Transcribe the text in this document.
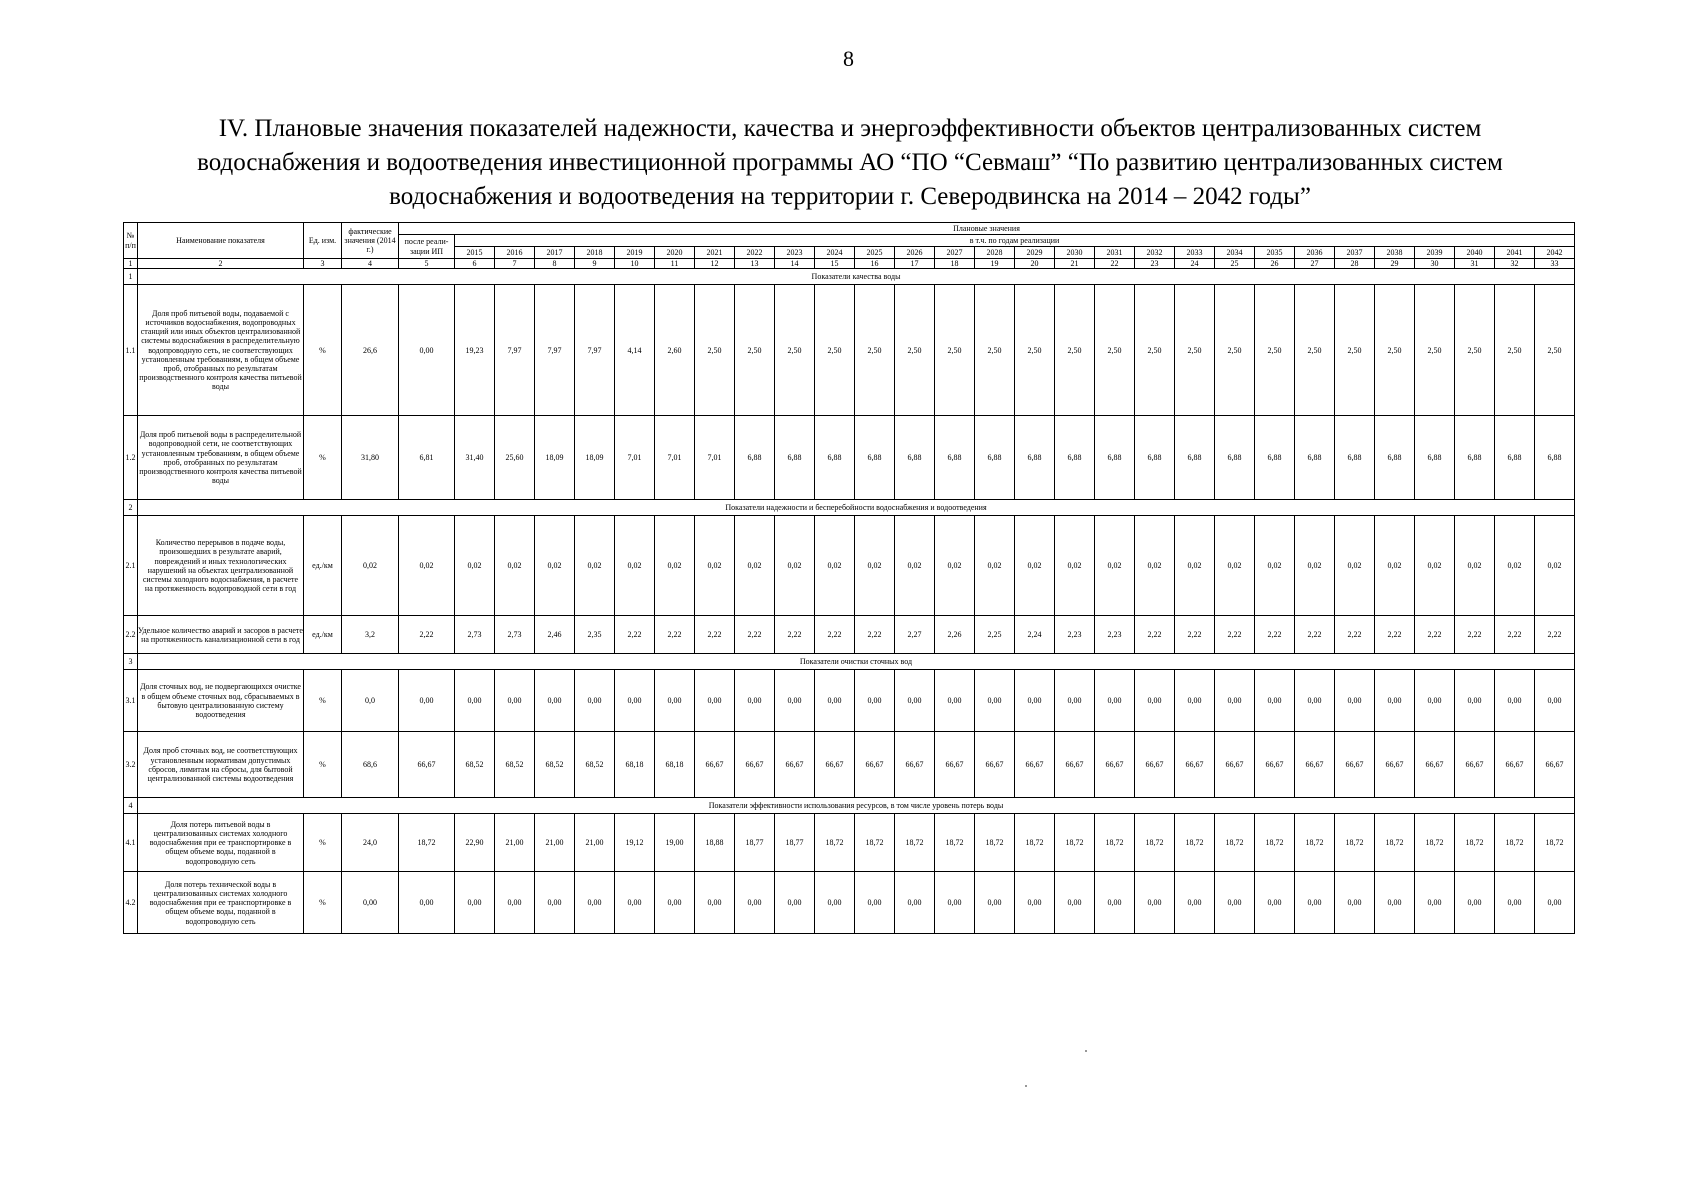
8
IV. Плановые значения показателей надежности, качества и энергоэффективности объектов централизованных систем
водоснабжения и водоотведения инвестиционной программы АО “ПО “Севмаш” “По развитию централизованных систем
водоснабжения и водоотведения на территории г. Северодвинска на 2014 – 2042 годы”
№ п/п	Наименование показателя	Ед. изм.	фактические значения (2014 г.)	Плановые значения																												
				после реали-зации ИП	в т.ч. по годам реализации																											
					2015	2016	2017	2018	2019	2020	2021	2022	2023	2024	2025	2026	2027	2028	2029	2030	2031	2032	2033	2034	2035	2036	2037	2038	2039	2040	2041	2042
1	2	3	4	5	6	7	8	9	10	11	12	13	14	15	16	17	18	19	20	21	22	23	24	25	26	27	28	29	30	31	32	33
1	Показатели качества воды																															
1.1	Доля проб питьевой воды, подаваемой с источников водоснабжения, водопроводных станций или иных объектов централизованной системы водоснабжения в распределительную водопроводную сеть, не соответствующих установленным требованиям, в общем объеме проб, отобранных по результатам производственного контроля качества питьевой воды	%	26,6	0,00	19,23	7,97	7,97	7,97	4,14	2,60	2,50	2,50	2,50	2,50	2,50	2,50	2,50	2,50	2,50	2,50	2,50	2,50	2,50	2,50	2,50	2,50	2,50	2,50	2,50	2,50	2,50	2,50
1.2	Доля проб питьевой воды в распределительной водопроводной сети, не соответствующих установленным требованиям, в общем объеме проб, отобранных по результатам производственного контроля качества питьевой воды	%	31,80	6,81	31,40	25,60	18,09	18,09	7,01	7,01	7,01	6,88	6,88	6,88	6,88	6,88	6,88	6,88	6,88	6,88	6,88	6,88	6,88	6,88	6,88	6,88	6,88	6,88	6,88	6,88	6,88	6,88
2	Показатели надежности и бесперебойности водоснабжения и водоотведения																															
2.1	Количество перерывов в подаче воды, произошедших в результате аварий, повреждений и иных технологических нарушений на объектах централизованной системы холодного водоснабжения, в расчете на протяженность водопроводной сети в год	ед./км	0,02	0,02	0,02	0,02	0,02	0,02	0,02	0,02	0,02	0,02	0,02	0,02	0,02	0,02	0,02	0,02	0,02	0,02	0,02	0,02	0,02	0,02	0,02	0,02	0,02	0,02	0,02	0,02	0,02	0,02
2.2	Удельное количество аварий и засоров в расчете на протяженность канализационной сети в год	ед./км	3,2	2,22	2,73	2,73	2,46	2,35	2,22	2,22	2,22	2,22	2,22	2,22	2,22	2,27	2,26	2,25	2,24	2,23	2,23	2,22	2,22	2,22	2,22	2,22	2,22	2,22	2,22	2,22	2,22	2,22
3	Показатели очистки сточных вод																															
3.1	Доля сточных вод, не подвергающихся очистке в общем объеме сточных вод, сбрасываемых в бытовую централизованную систему водоотведения	%	0,0	0,00	0,00	0,00	0,00	0,00	0,00	0,00	0,00	0,00	0,00	0,00	0,00	0,00	0,00	0,00	0,00	0,00	0,00	0,00	0,00	0,00	0,00	0,00	0,00	0,00	0,00	0,00	0,00	0,00
3.2	Доля проб сточных вод, не соответствующих установленным нормативам допустимых сбросов, лимитам на сбросы, для бытовой централизованной системы водоотведения	%	68,6	66,67	68,52	68,52	68,52	68,52	68,18	68,18	66,67	66,67	66,67	66,67	66,67	66,67	66,67	66,67	66,67	66,67	66,67	66,67	66,67	66,67	66,67	66,67	66,67	66,67	66,67	66,67	66,67	66,67
4	Показатели эффективности использования ресурсов, в том числе уровень потерь воды																															
4.1	Доля потерь питьевой воды в централизованных системах холодного водоснабжения при ее транспортировке в общем объеме воды, поданной в водопроводную сеть	%	24,0	18,72	22,90	21,00	21,00	21,00	19,12	19,00	18,88	18,77	18,77	18,72	18,72	18,72	18,72	18,72	18,72	18,72	18,72	18,72	18,72	18,72	18,72	18,72	18,72	18,72	18,72	18,72	18,72	18,72
4.2	Доля потерь технической воды в централизованных системах холодного водоснабжения при ее транспортировке в общем объеме воды, поданной в водопроводную сеть	%	0,00	0,00	0,00	0,00	0,00	0,00	0,00	0,00	0,00	0,00	0,00	0,00	0,00	0,00	0,00	0,00	0,00	0,00	0,00	0,00	0,00	0,00	0,00	0,00	0,00	0,00	0,00	0,00	0,00	0,00
